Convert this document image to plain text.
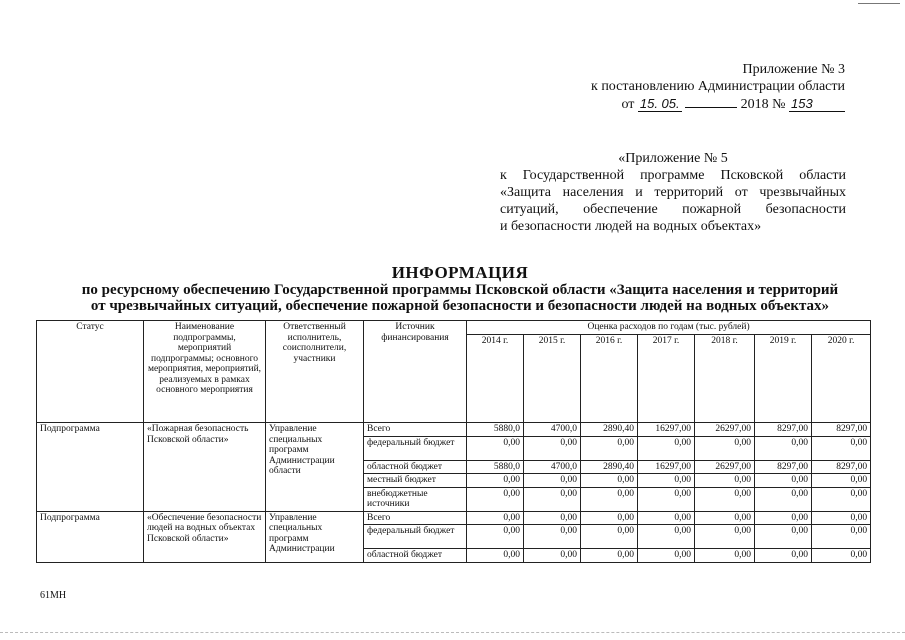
Приложение № 3
к постановлению Администрации области
от 15. 05.	2018 № 153
«Приложение № 5
к Государственной программе Псковской области
«Защита населения и территорий от чрезвычайных
ситуаций, обеспечение пожарной безопасности
и безопасности людей на водных объектах»
ИНФОРМАЦИЯ
по ресурсному обеспечению Государственной программы Псковской области «Защита населения и территорий
от чрезвычайных ситуаций, обеспечение пожарной безопасности и безопасности людей на водных объектах»
Статус	Наименование подпрограммы, мероприятий подпрограммы; основного мероприятия, мероприятий, реализуемых в рамках основного мероприятия	Ответственный исполнитель, соисполнители, участники	Источник финансирования	Оценка расходов по годам (тыс. рублей)						
				2014 г.	2015 г.	2016 г.	2017 г.	2018 г.	2019 г.	2020 г.
Подпрограмма	«Пожарная безопасность Псковской области»	Управление специальных программ Администрации области	Всего	5880,0	4700,0	2890,40	16297,00	26297,00	8297,00	8297,00
			федеральный бюджет	0,00	0,00	0,00	0,00	0,00	0,00	0,00
			областной бюджет	5880,0	4700,0	2890,40	16297,00	26297,00	8297,00	8297,00
			местный бюджет	0,00	0,00	0,00	0,00	0,00	0,00	0,00
			внебюджетные источники	0,00	0,00	0,00	0,00	0,00	0,00	0,00
Подпрограмма	«Обеспечение безопасности людей на водных объектах Псковской области»	Управление специальных программ Администрации	Всего	0,00	0,00	0,00	0,00	0,00	0,00	0,00
			федеральный бюджет	0,00	0,00	0,00	0,00	0,00	0,00	0,00
			областной бюджет	0,00	0,00	0,00	0,00	0,00	0,00	0,00
61МН
